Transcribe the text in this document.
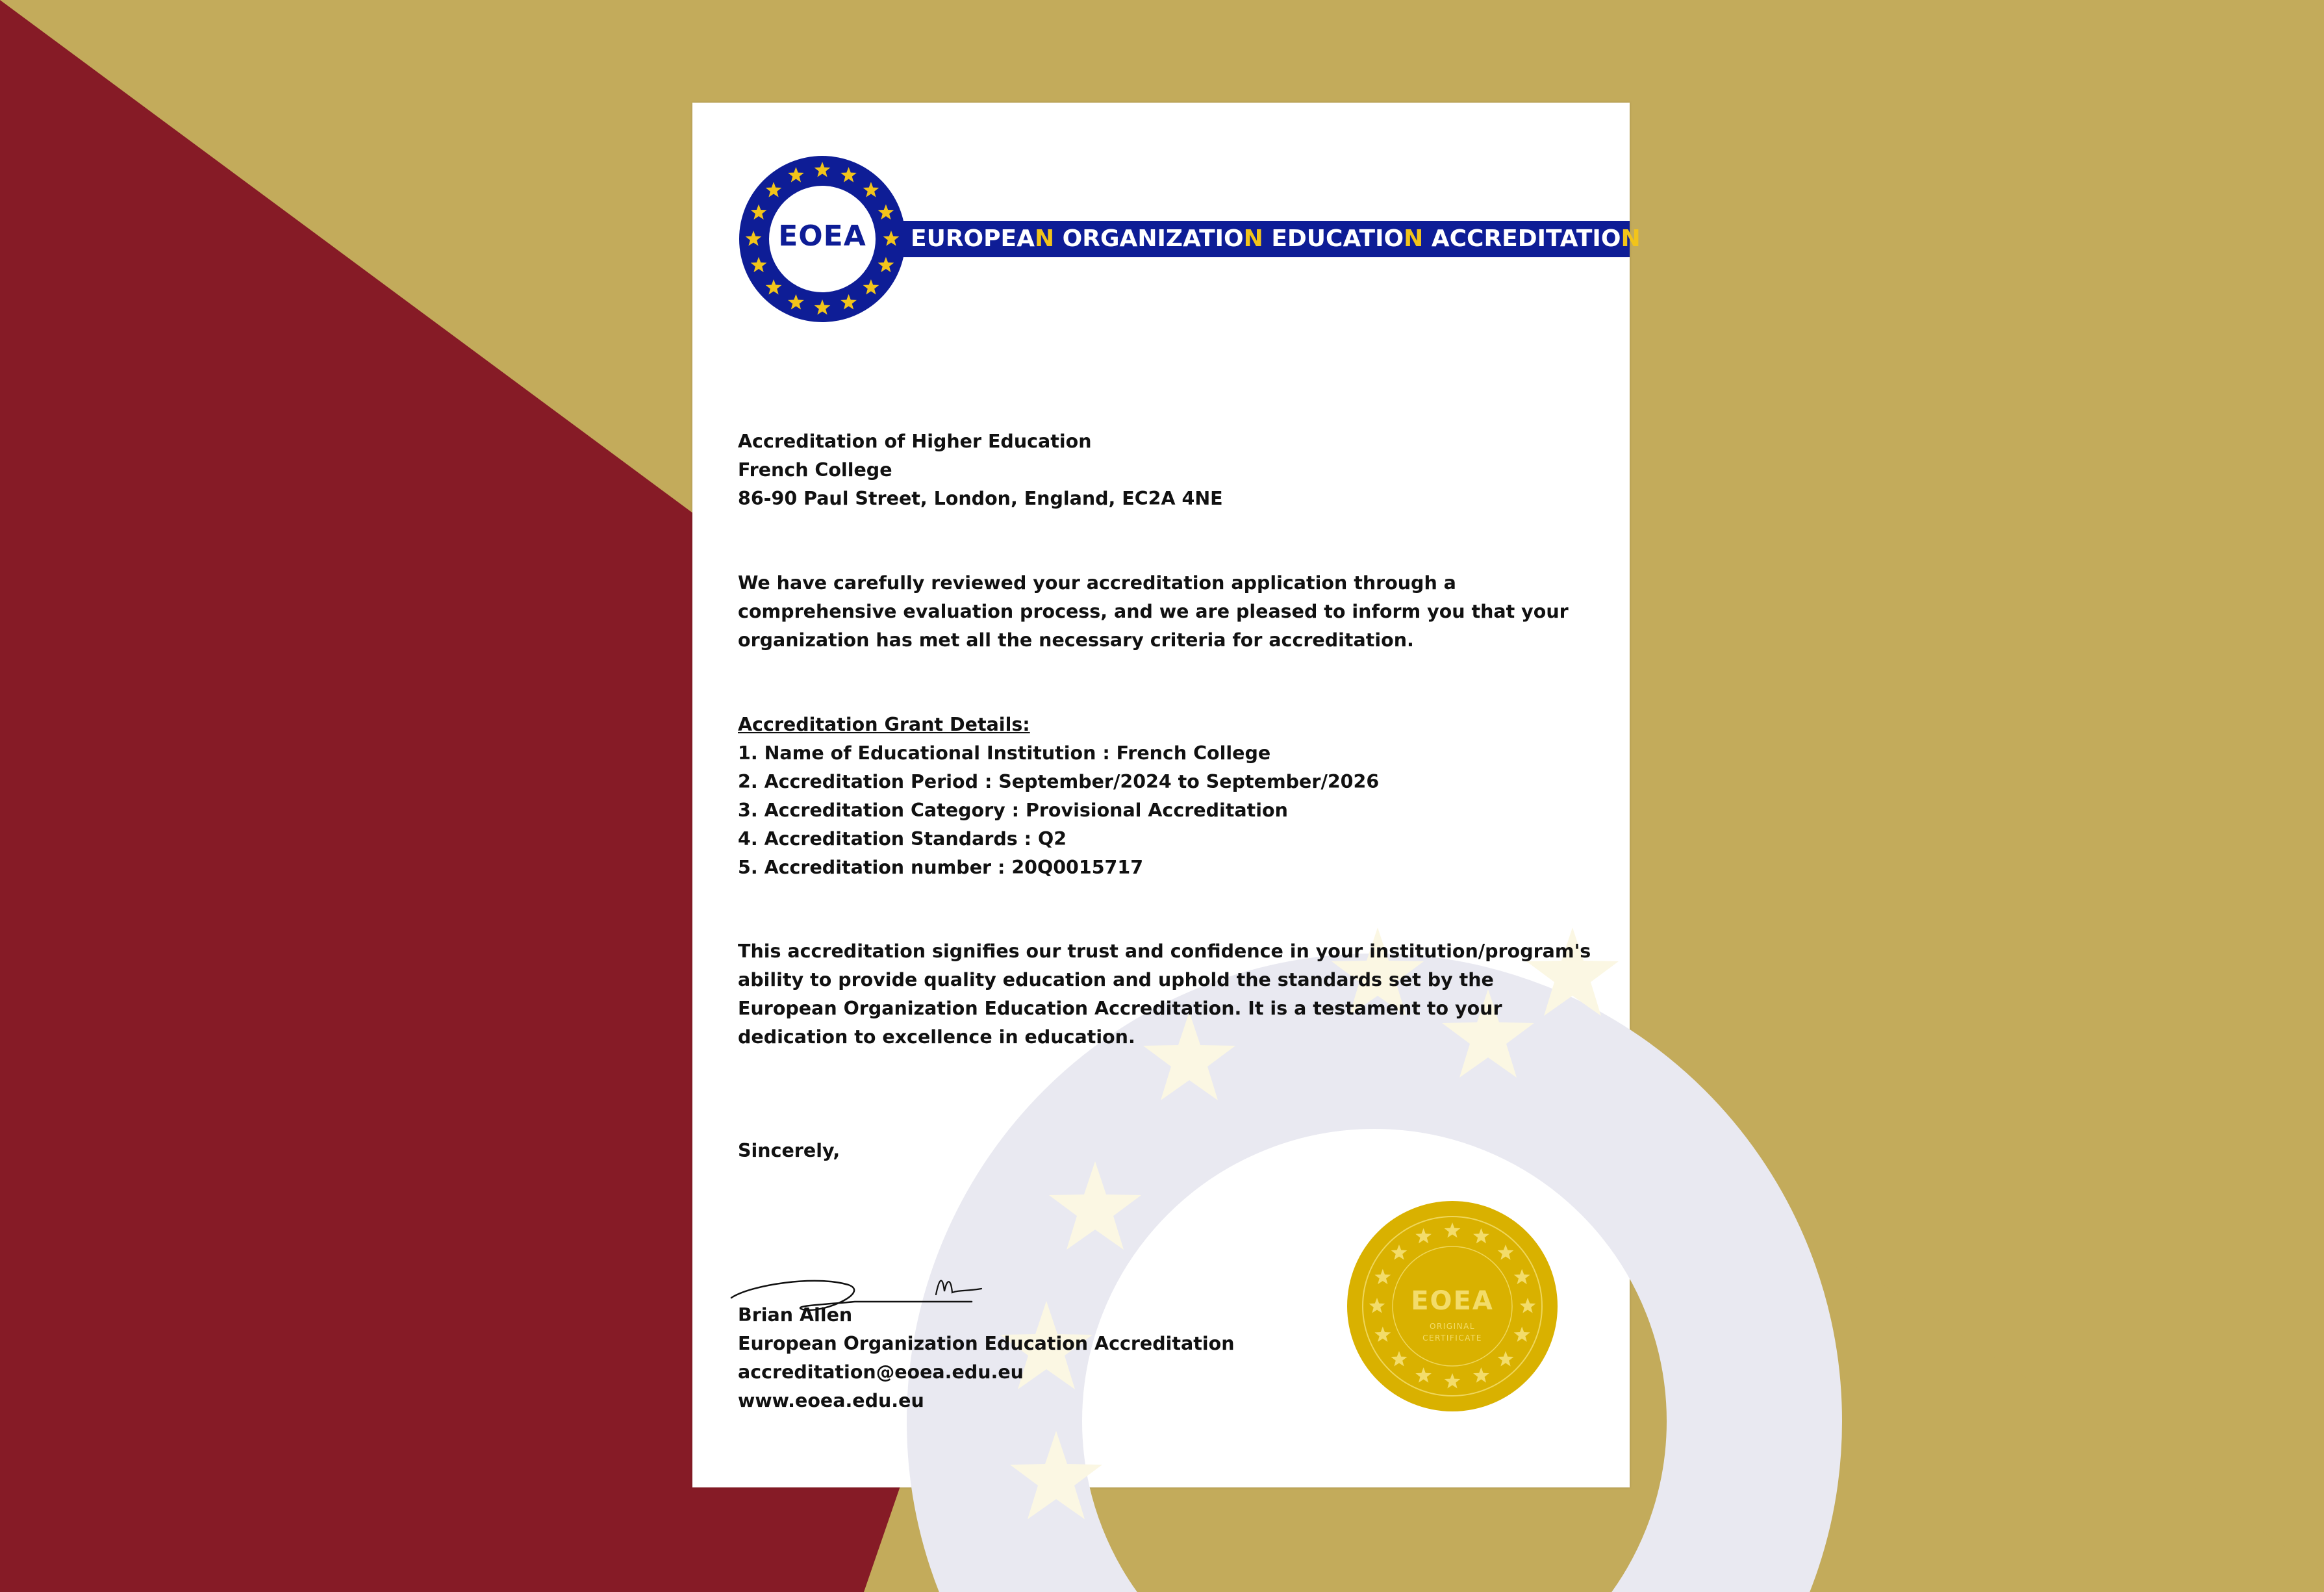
EOEA	EUROPEAN ORGANIZATION EDUCATION ACCREDITATION

Accreditation of Higher Education

French College

86-90 Paul Street, London, England, EC2A 4NE

We have carefully reviewed your accreditation application through a comprehensive evaluation process, and we are pleased to inform you that your organization has met all the necessary criteria for accreditation.

Accreditation Grant Details:

1. Name of Educational Institution : French College

2. Accreditation Period : September/2024 to September/2026

3. Accreditation Category : Provisional Accreditation

4. Accreditation Standards : Q2

5. Accreditation number : 20Q0015717

This accreditation signifies our trust and confidence in your institution/program's ability to provide quality education and uphold the standards set by the European Organization Education Accreditation. It is a testament to your dedication to excellence in education.
Sincerely,

Brian Allen

European Organization Education Accreditation

accreditation@eoea.edu.eu

www.eoea.edu.eu

EOEA
ORIGINAL
CERTIFICATE
